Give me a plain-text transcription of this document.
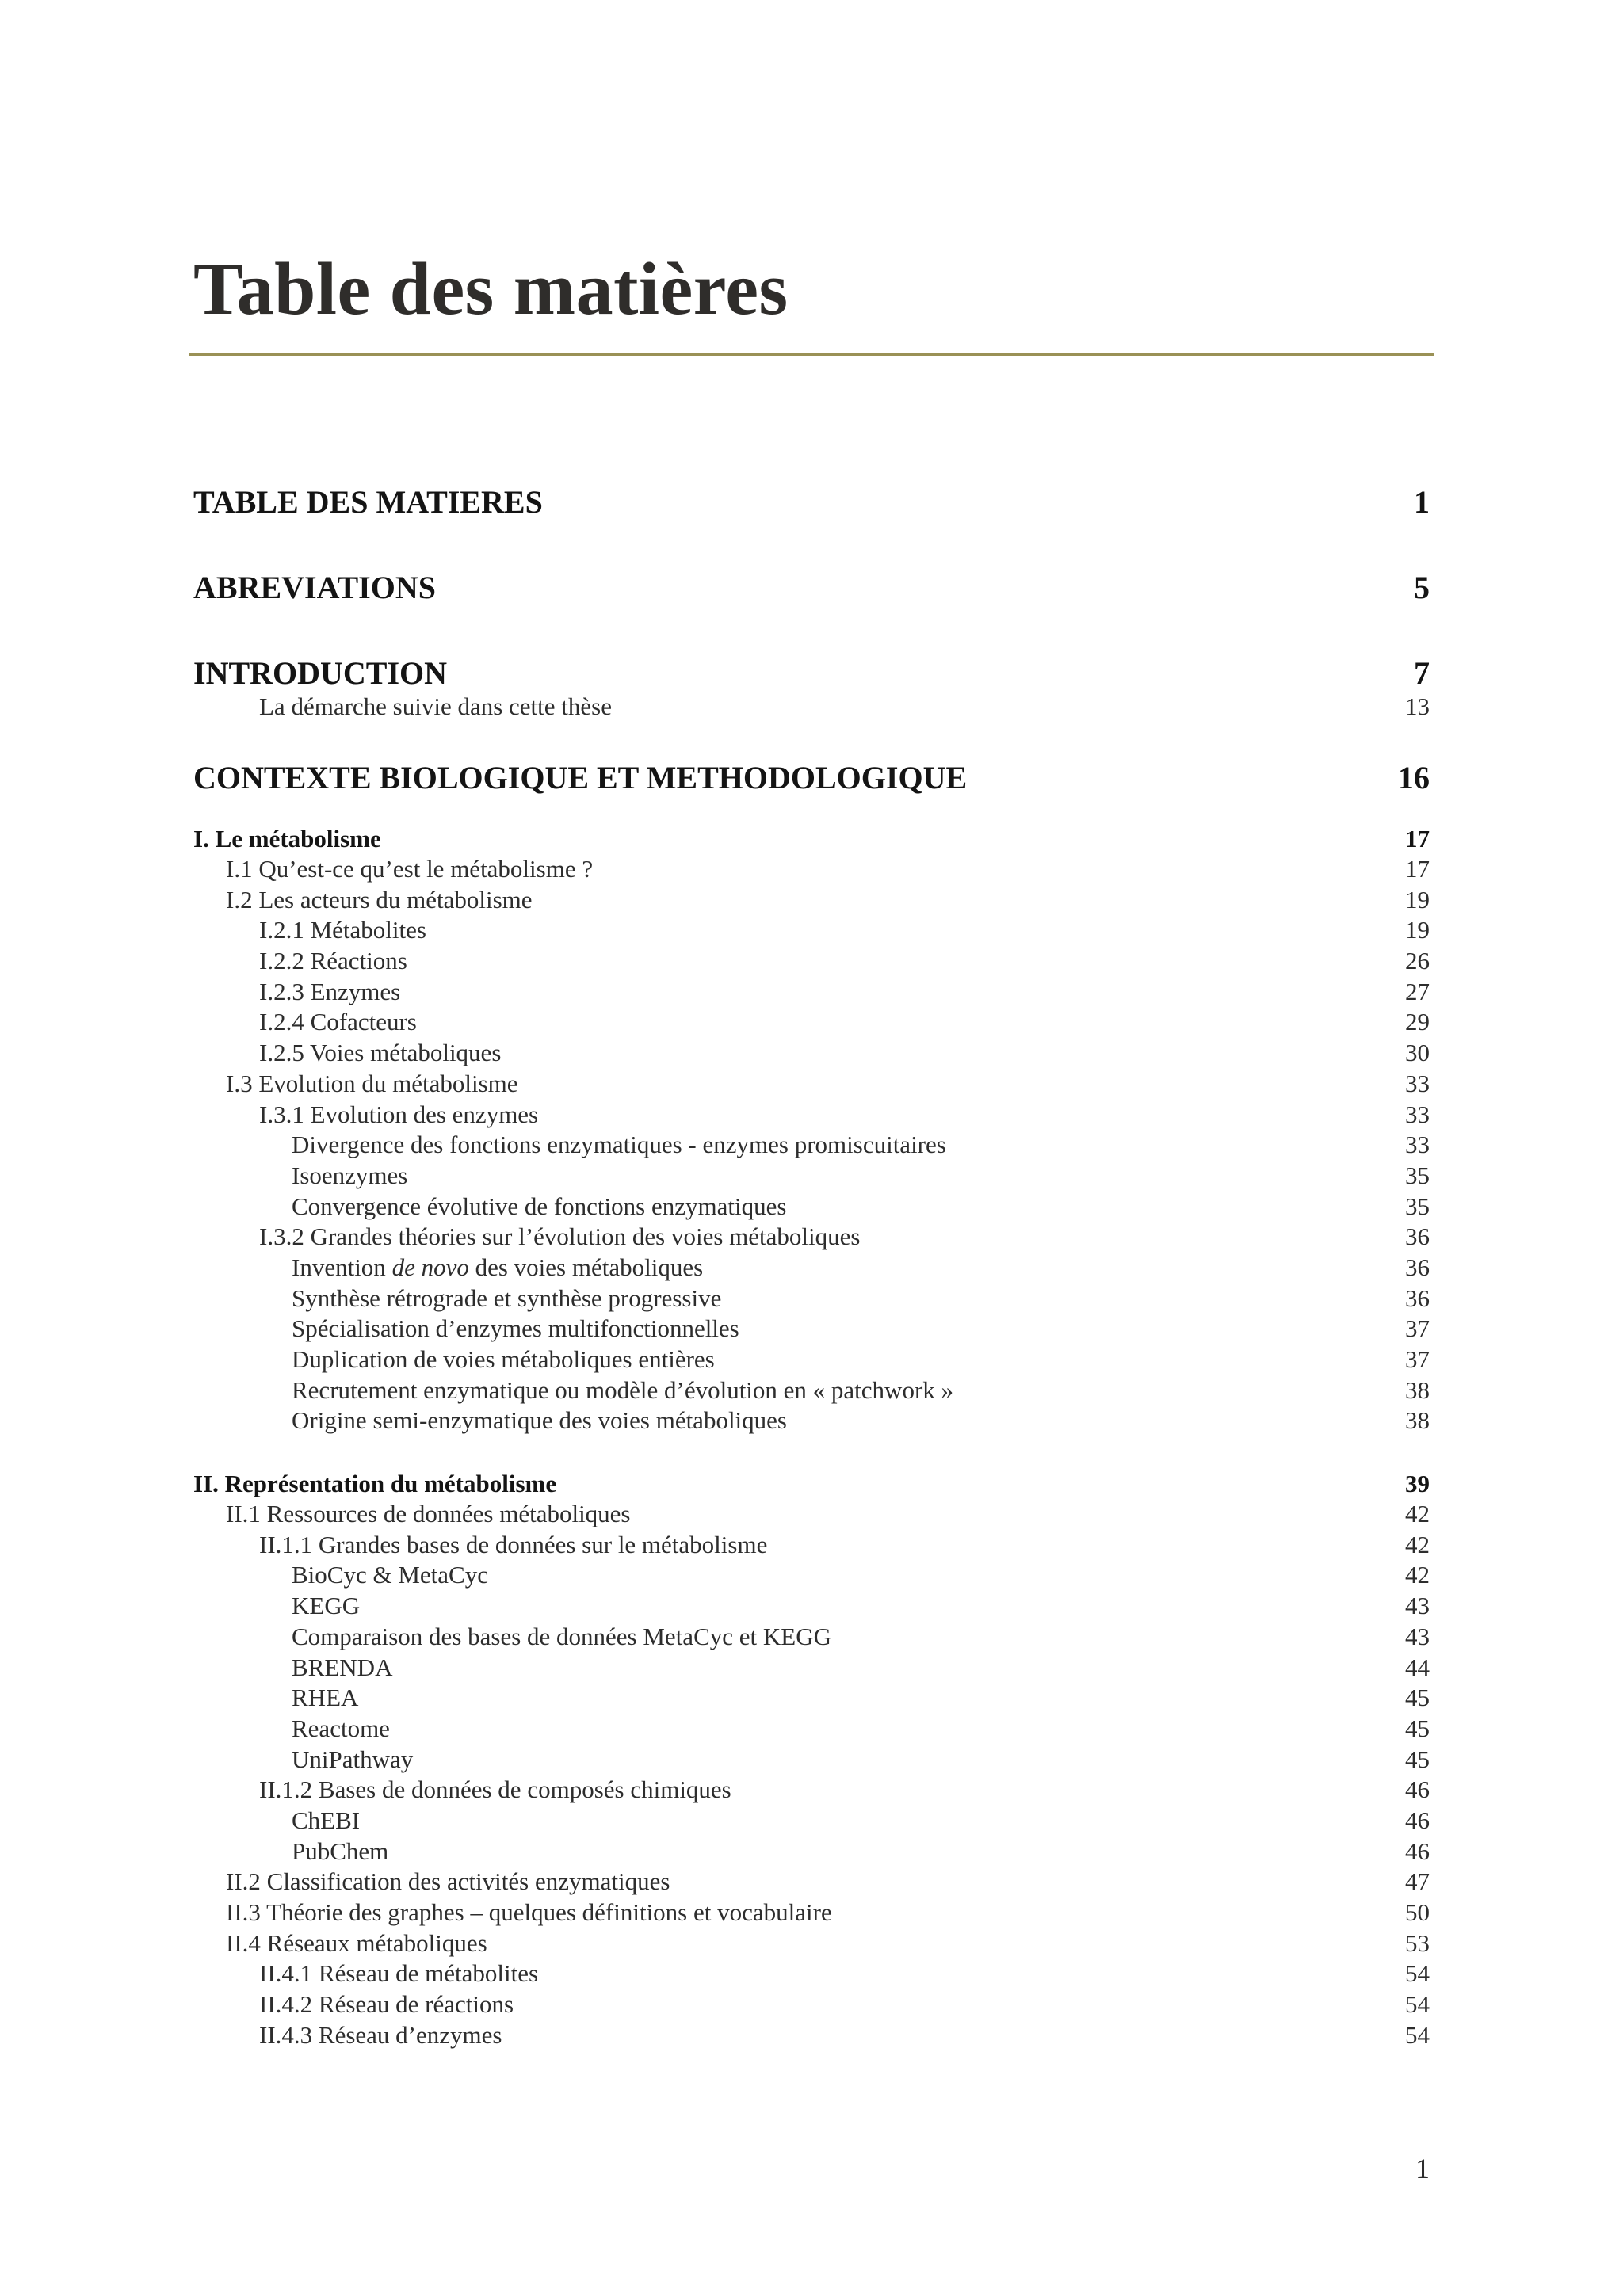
Table des matières
TABLE DES MATIERES	1
ABREVIATIONS	5
INTRODUCTION	7
La démarche suivie dans cette thèse	13
CONTEXTE BIOLOGIQUE ET METHODOLOGIQUE	16
I. Le métabolisme	17
I.1 Qu’est-ce qu’est le métabolisme ?	17
I.2 Les acteurs du métabolisme	19
I.2.1 Métabolites	19
I.2.2 Réactions	26
I.2.3 Enzymes	27
I.2.4 Cofacteurs	29
I.2.5 Voies métaboliques	30
I.3 Evolution du métabolisme	33
I.3.1 Evolution des enzymes	33
Divergence des fonctions enzymatiques - enzymes promiscuitaires	33
Isoenzymes	35
Convergence évolutive de fonctions enzymatiques	35
I.3.2 Grandes théories sur l’évolution des voies métaboliques	36
Invention de novo des voies métaboliques	36
Synthèse rétrograde et synthèse progressive	36
Spécialisation d’enzymes multifonctionnelles	37
Duplication de voies métaboliques entières	37
Recrutement enzymatique ou modèle d’évolution en « patchwork »	38
Origine semi-enzymatique des voies métaboliques	38
II. Représentation du métabolisme	39
II.1 Ressources de données métaboliques	42
II.1.1 Grandes bases de données sur le métabolisme	42
BioCyc & MetaCyc	42
KEGG	43
Comparaison des bases de données MetaCyc et KEGG	43
BRENDA	44
RHEA	45
Reactome	45
UniPathway	45
II.1.2 Bases de données de composés chimiques	46
ChEBI	46
PubChem	46
II.2 Classification des activités enzymatiques	47
II.3 Théorie des graphes – quelques définitions et vocabulaire	50
II.4 Réseaux métaboliques	53
II.4.1 Réseau de métabolites	54
II.4.2 Réseau de réactions	54
II.4.3 Réseau d’enzymes	54
1
